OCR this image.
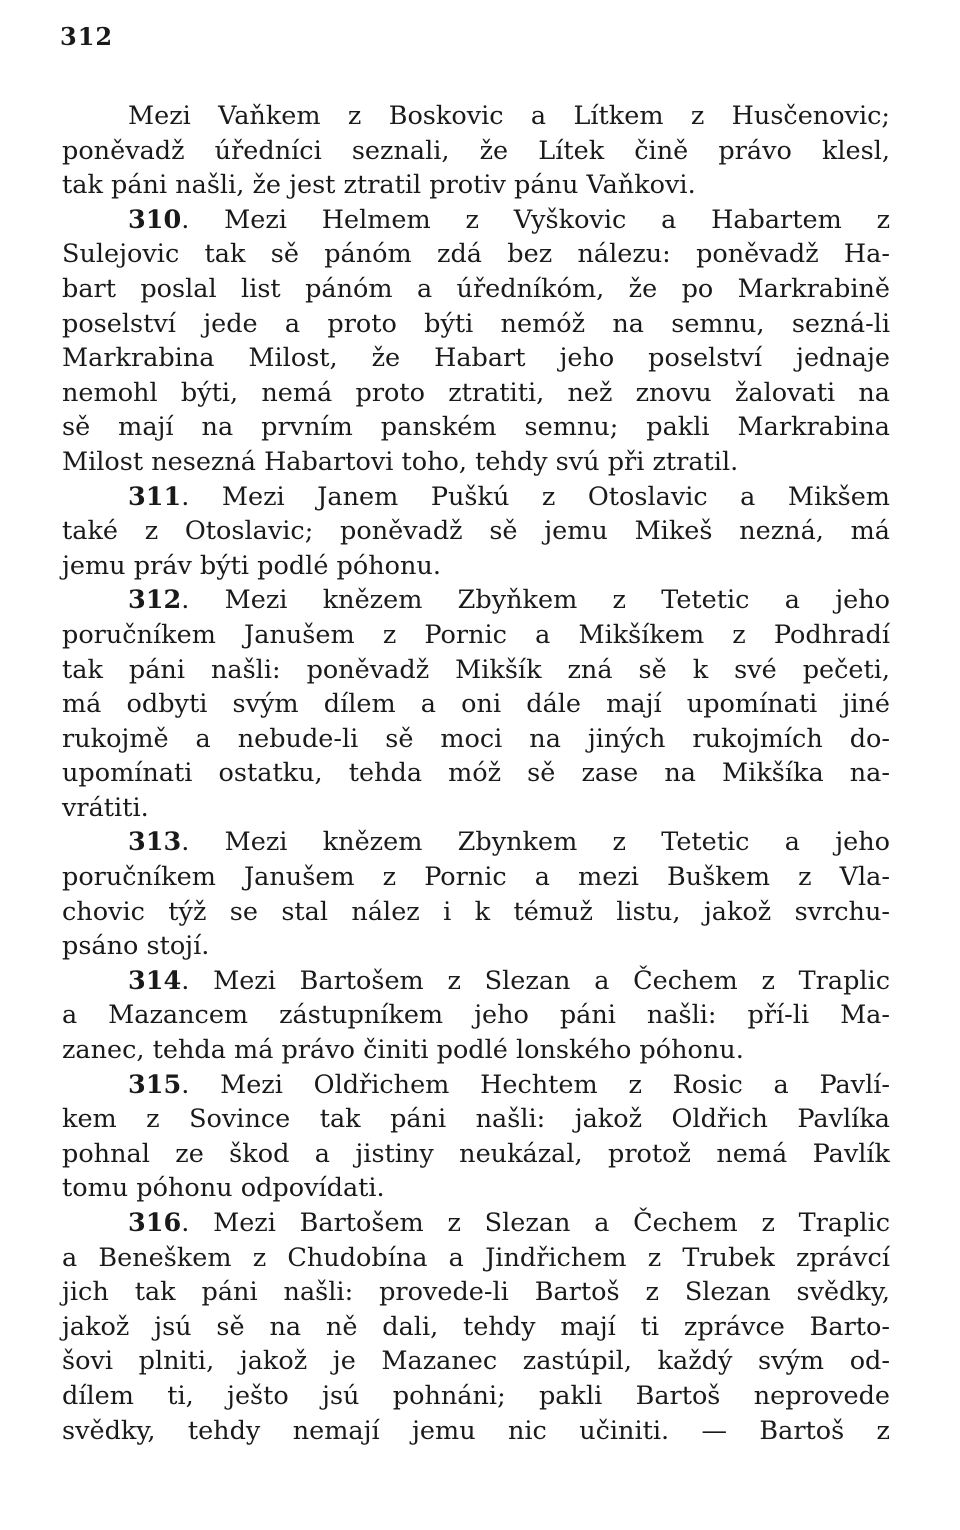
312
Mezi Vaňkem z Boskovic a Lítkem z Husčenovic;
poněvadž úředníci seznali, že Lítek čině právo klesl,
tak páni našli, že jest ztratil protiv pánu Vaňkovi.
310. Mezi Helmem z Vyškovic a Habartem z
Sulejovic tak sě pánóm zdá bez nálezu: poněvadž Ha-
bart poslal list pánóm a úředníkóm, že po Markrabině
poselství jede a proto býti nemóž na semnu, sezná-li
Markrabina Milost, že Habart jeho poselství jednaje
nemohl býti, nemá proto ztratiti, než znovu žalovati na
sě mají na prvním panském semnu; pakli Markrabina
Milost nesezná Habartovi toho, tehdy svú při ztratil.
311. Mezi Janem Puškú z Otoslavic a Mikšem
také z Otoslavic; poněvadž sě jemu Mikeš nezná, má
jemu práv býti podlé póhonu.
312. Mezi knězem Zbyňkem z Tetetic a jeho
poručníkem Janušem z Pornic a Mikšíkem z Podhradí
tak páni našli: poněvadž Mikšík zná sě k své pečeti,
má odbyti svým dílem a oni dále mají upomínati jiné
rukojmě a nebude-li sě moci na jiných rukojmích do-
upomínati ostatku, tehda móž sě zase na Mikšíka na-
vrátiti.
313. Mezi knězem Zbynkem z Tetetic a jeho
poručníkem Janušem z Pornic a mezi Buškem z Vla-
chovic týž se stal nález i k témuž listu, jakož svrchu-
psáno stojí.
314. Mezi Bartošem z Slezan a Čechem z Traplic
a Mazancem zástupníkem jeho páni našli: pří-li Ma-
zanec, tehda má právo činiti podlé lonského póhonu.
315. Mezi Oldřichem Hechtem z Rosic a Pavlí-
kem z Sovince tak páni našli: jakož Oldřich Pavlíka
pohnal ze škod a jistiny neukázal, protož nemá Pavlík
tomu póhonu odpovídati.
316. Mezi Bartošem z Slezan a Čechem z Traplic
a Beneškem z Chudobína a Jindřichem z Trubek zprávcí
jich tak páni našli: provede-li Bartoš z Slezan svědky,
jakož jsú sě na ně dali, tehdy mají ti zprávce Barto-
šovi plniti, jakož je Mazanec zastúpil, každý svým od-
dílem ti, ješto jsú pohnáni; pakli Bartoš neprovede
svědky, tehdy nemají jemu nic učiniti. — Bartoš z
